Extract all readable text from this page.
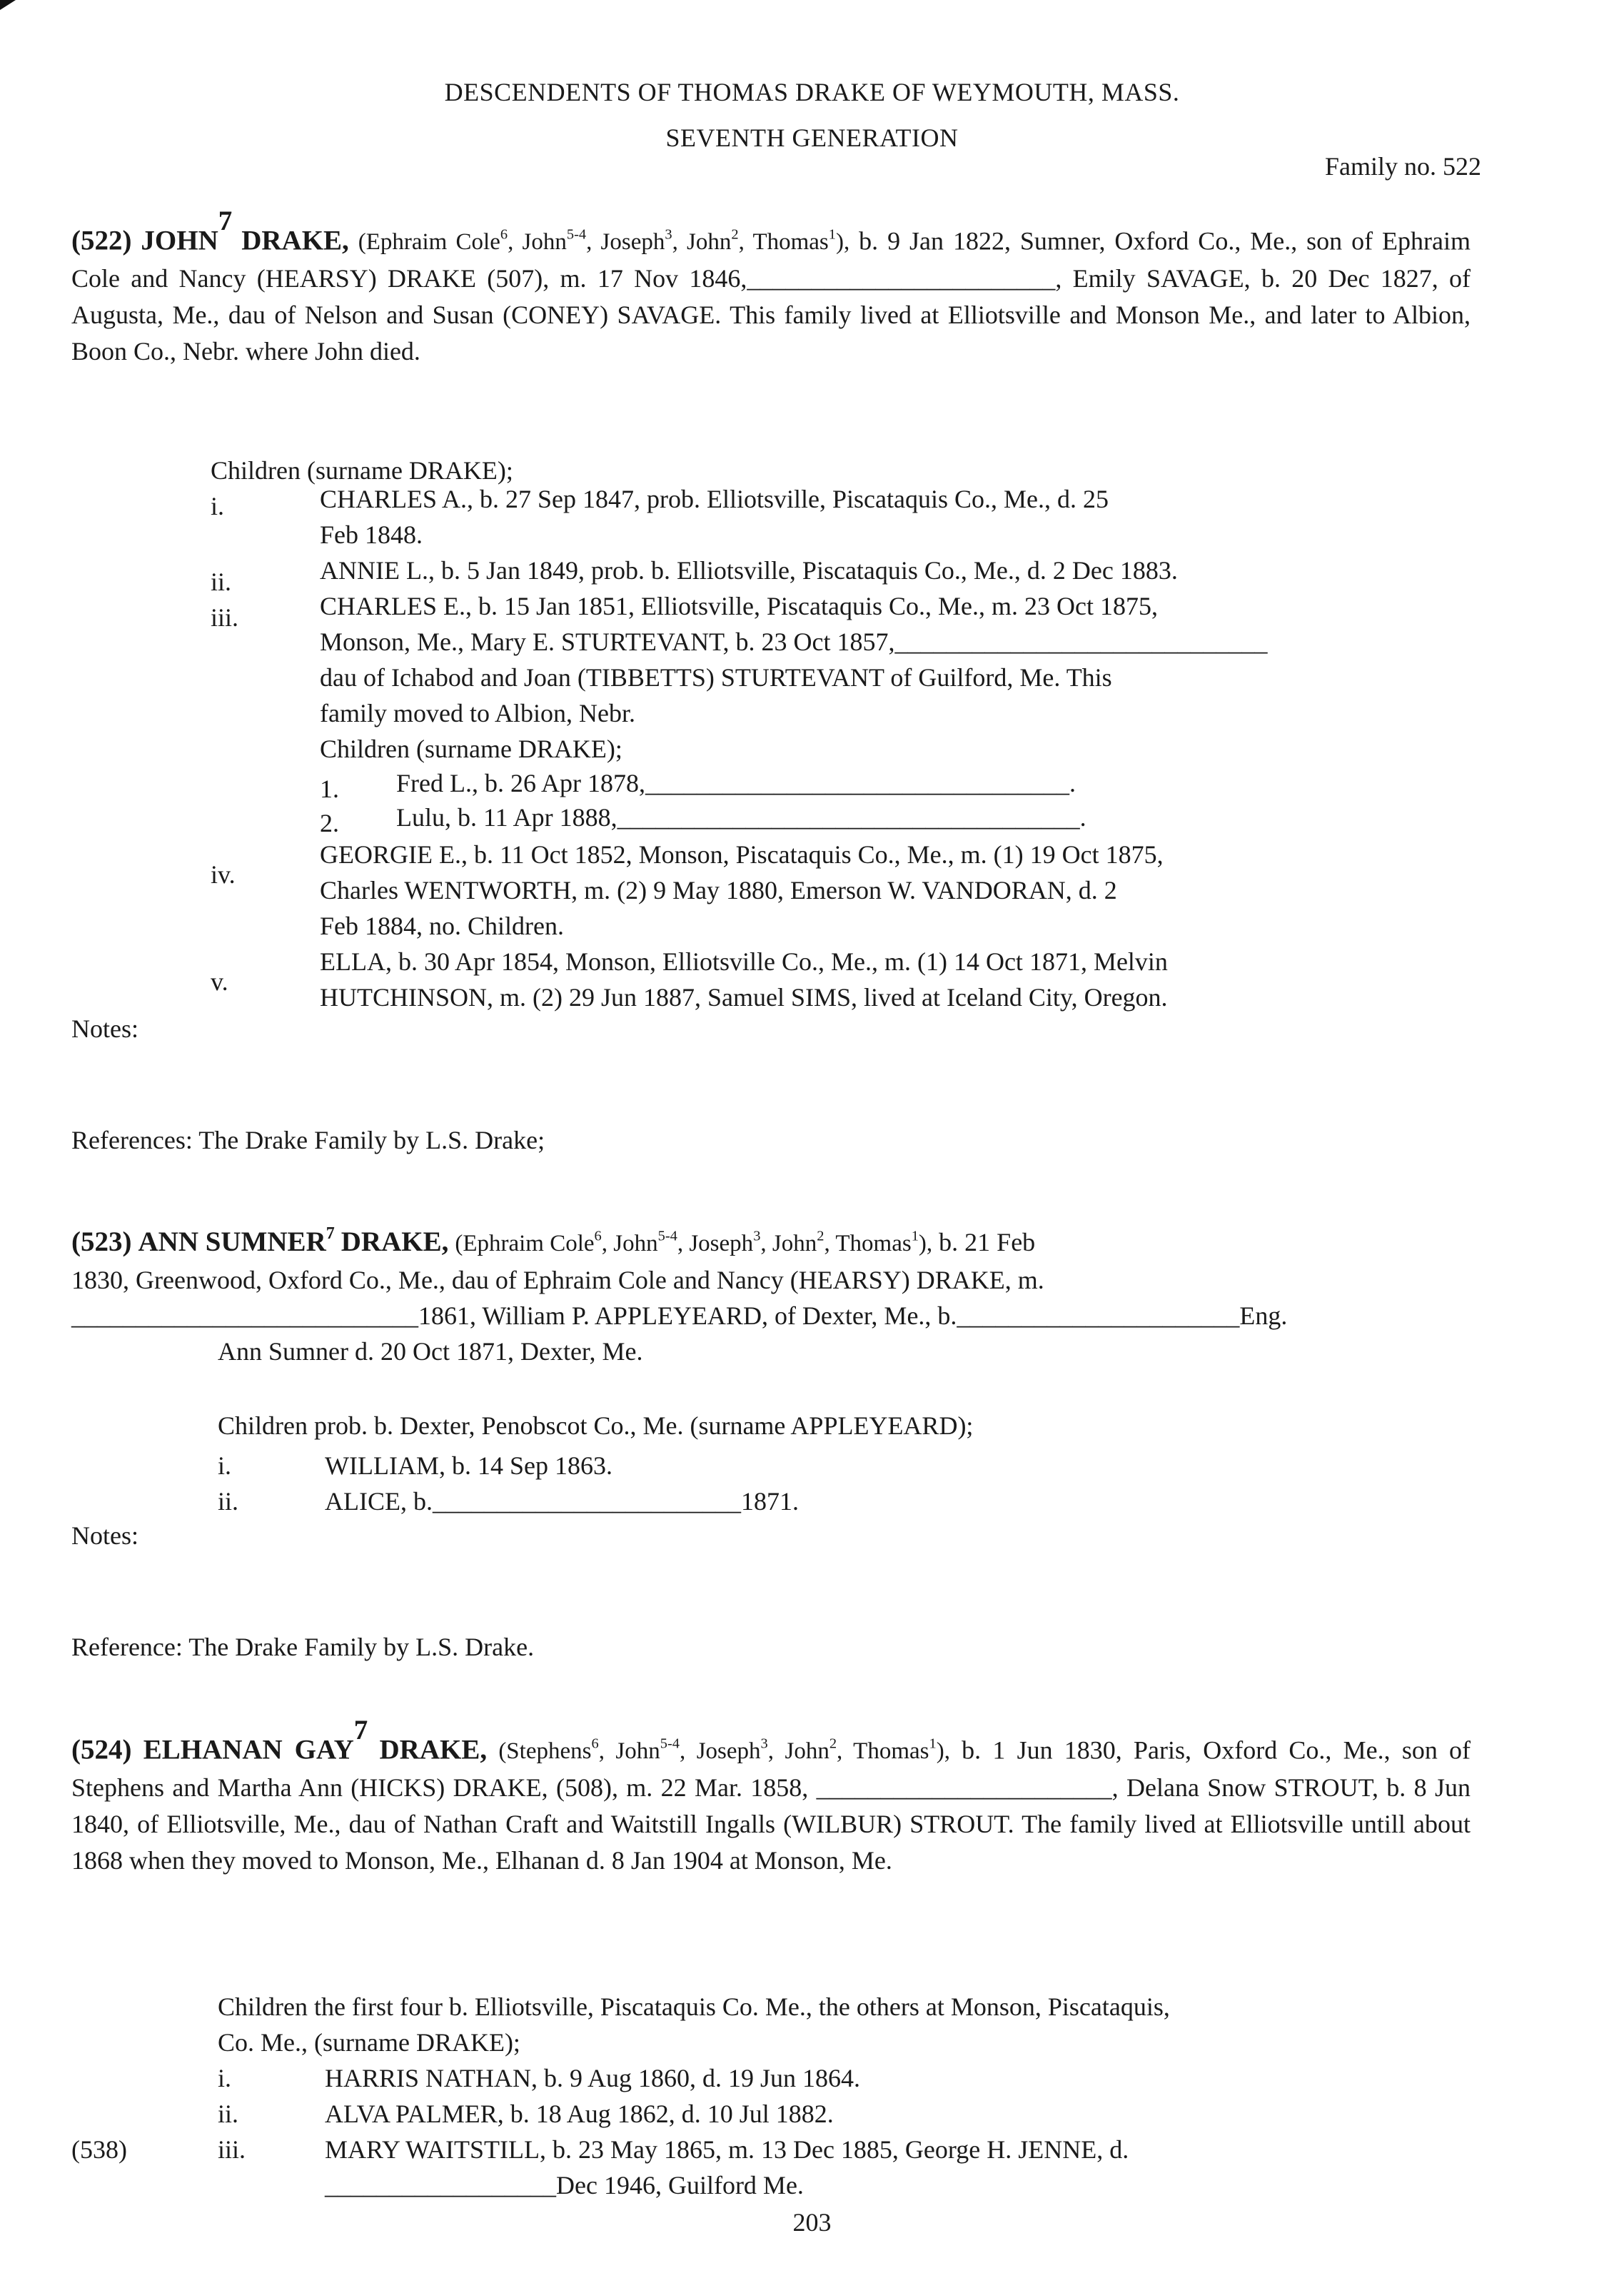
DESCENDENTS OF THOMAS DRAKE OF WEYMOUTH, MASS.
SEVENTH GENERATION
Family no. 522
(522) JOHN$^7$ DRAKE, (Ephraim Cole$^6$, John$^{5-4}$, Joseph$^3$, John$^2$, Thomas$^1$), b. 9 Jan 1822, Sumner, Oxford Co., Me., son of Ephraim Cole and Nancy (HEARSY) DRAKE (507), m. 17 Nov 1846,________________________, Emily SAVAGE, b. 20 Dec 1827, of Augusta, Me., dau of Nelson and Susan (CONEY) SAVAGE. This family lived at Elliotsville and Monson Me., and later to Albion, Boon Co., Nebr. where John died.
Children (surname DRAKE);
i.	CHARLES A., b. 27 Sep 1847, prob. Elliotsville, Piscataquis Co., Me., d. 25
Feb 1848.
ii.	ANNIE L., b. 5 Jan 1849, prob. b. Elliotsville, Piscataquis Co., Me., d. 2 Dec 1883.
iii.	CHARLES E., b. 15 Jan 1851, Elliotsville, Piscataquis Co., Me., m. 23 Oct 1875,
Monson, Me., Mary E. STURTEVANT, b. 23 Oct 1857,_____________________________
dau of Ichabod and Joan (TIBBETTS) STURTEVANT of Guilford, Me. This
family moved to Albion, Nebr.
Children (surname DRAKE);
1.	Fred L., b. 26 Apr 1878,_________________________________.
2.	Lulu, b. 11 Apr 1888,____________________________________.
iv.
GEORGIE E., b. 11 Oct 1852, Monson, Piscataquis Co., Me., m. (1) 19 Oct 1875,
Charles WENTWORTH, m. (2) 9 May 1880, Emerson W. VANDORAN, d. 2
Feb 1884, no. Children.
v.
ELLA, b. 30 Apr 1854, Monson, Elliotsville Co., Me., m. (1) 14 Oct 1871, Melvin
HUTCHINSON, m. (2) 29 Jun 1887, Samuel SIMS, lived at Iceland City, Oregon.
Notes:
References: The Drake Family by L.S. Drake;
(523) ANN SUMNER$^7$ DRAKE, (Ephraim Cole$^6$, John$^{5-4}$, Joseph$^3$, John$^2$, Thomas$^1$), b. 21 Feb
1830, Greenwood, Oxford Co., Me., dau of Ephraim Cole and Nancy (HEARSY) DRAKE, m.
___________________________1861, William P. APPLEYEARD, of Dexter, Me., b.______________________Eng.
Ann Sumner d. 20 Oct 1871, Dexter, Me.
Children prob. b. Dexter, Penobscot Co., Me. (surname APPLEYEARD);
i.	WILLIAM, b. 14 Sep 1863.
ii.	ALICE, b.________________________1871.
Notes:
Reference: The Drake Family by L.S. Drake.
(524) ELHANAN GAY$^7$ DRAKE, (Stephens$^6$, John$^{5-4}$, Joseph$^3$, John$^2$, Thomas$^1$), b. 1 Jun 1830, Paris, Oxford Co., Me., son of Stephens and Martha Ann (HICKS) DRAKE, (508), m. 22 Mar. 1858, _______________________, Delana Snow STROUT, b. 8 Jun 1840, of Elliotsville, Me., dau of Nathan Craft and Waitstill Ingalls (WILBUR) STROUT. The family lived at Elliotsville untill about 1868 when they moved to Monson, Me., Elhanan d. 8 Jan 1904 at Monson, Me.
Children the first four b. Elliotsville, Piscataquis Co. Me., the others at Monson, Piscataquis,
Co. Me., (surname DRAKE);
i.	HARRIS NATHAN, b. 9 Aug 1860, d. 19 Jun 1864.
ii.	ALVA PALMER, b. 18 Aug 1862, d. 10 Jul 1882.
(538)	iii.	MARY WAITSTILL, b. 23 May 1865, m. 13 Dec 1885, George H. JENNE, d.
__________________Dec 1946, Guilford Me.
203
